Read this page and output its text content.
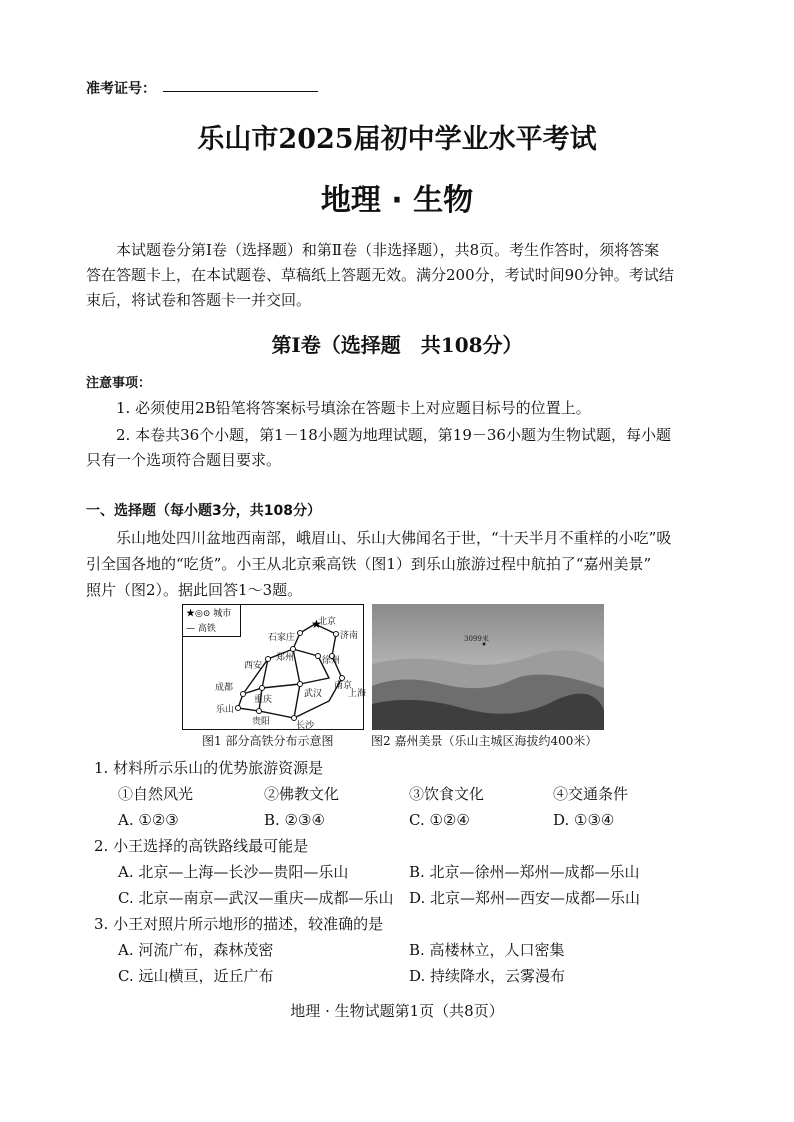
准考证号：
乐山市2025届初中学业水平考试
地理 · 生物
本试题卷分第Ⅰ卷（选择题）和第Ⅱ卷（非选择题），共8页。考生作答时，须将答案
答在答题卡上，在本试题卷、草稿纸上答题无效。满分200分，考试时间90分钟。考试结
束后，将试卷和答题卡一并交回。
第Ⅰ卷（选择题　共108分）
注意事项：
1. 必须使用2B铅笔将答案标号填涂在答题卡上对应题目标号的位置上。
2. 本卷共36个小题，第1－18小题为地理试题，第19－36小题为生物试题，每小题
只有一个选项符合题目要求。
一、选择题（每小题3分，共108分）
乐山地处四川盆地西南部，峨眉山、乐山大佛闻名于世，“十天半月不重样的小吃”吸
引全国各地的“吃货”。小王从北京乘高铁（图1）到乐山旅游过程中航拍了“嘉州美景”
照片（图2）。据此回答1～3题。
★◎⊙ 城市
— 高铁	★
北京
石家庄	济南
郑州	徐州
西安
南京
成都
重庆
武汉	上海
乐山
贵阳	长沙
图1 部分高铁分布示意图
3099米
图2 嘉州美景（乐山主城区海拔约400米）
1. 材料所示乐山的优势旅游资源是
①自然风光	②佛教文化	③饮食文化	④交通条件
A. ①②③	B. ②③④	C. ①②④	D. ①③④
2. 小王选择的高铁路线最可能是
A. 北京—上海—长沙—贵阳—乐山	B. 北京—徐州—郑州—成都—乐山
C. 北京—南京—武汉—重庆—成都—乐山 D. 北京—郑州—西安—成都—乐山
3. 小王对照片所示地形的描述，较准确的是
A. 河流广布，森林茂密	B. 高楼林立，人口密集
C. 远山横亘，近丘广布	D. 持续降水，云雾漫布
地理 · 生物试题第1页（共8页）
